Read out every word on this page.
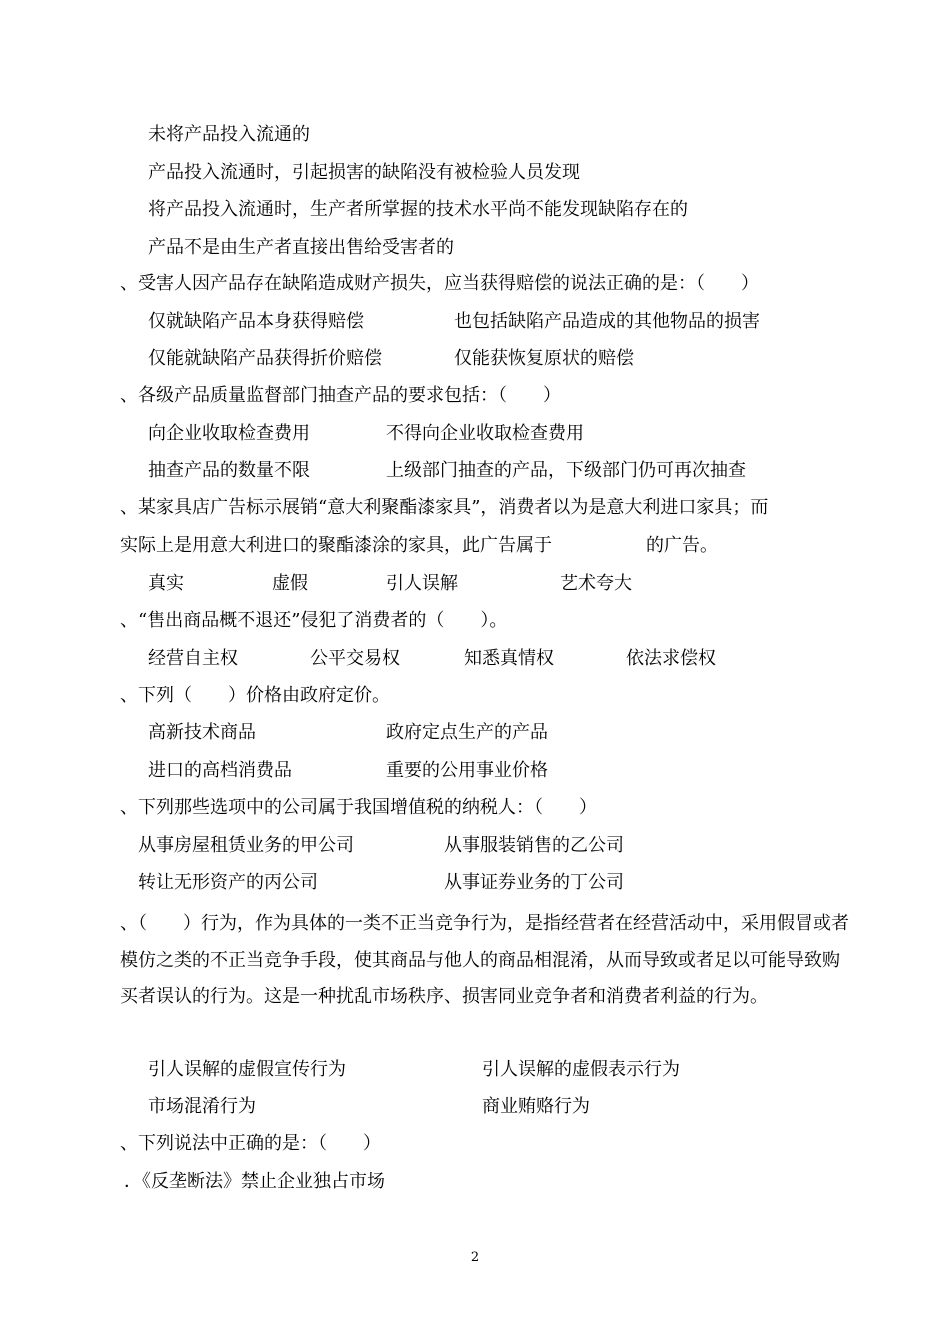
未将产品投入流通的
产品投入流通时，引起损害的缺陷没有被检验人员发现
将产品投入流通时，生产者所掌握的技术水平尚不能发现缺陷存在的
产品不是由生产者直接出售给受害者的
、受害人因产品存在缺陷造成财产损失，应当获得赔偿的说法正确的是：（　　）
仅就缺陷产品本身获得赔偿	也包括缺陷产品造成的其他物品的损害
仅能就缺陷产品获得折价赔偿	仅能获恢复原状的赔偿
、各级产品质量监督部门抽查产品的要求包括：（　　）
向企业收取检查费用	不得向企业收取检查费用
抽查产品的数量不限	上级部门抽查的产品，下级部门仍可再次抽查
、某家具店广告标示展销“意大利聚酯漆家具”，消费者以为是意大利进口家具；而
实际上是用意大利进口的聚酯漆涂的家具，此广告属于	的广告。
真实	虚假	引人误解	艺术夸大
、“售出商品概不退还”侵犯了消费者的（　　）。
经营自主权	公平交易权	知悉真情权	依法求偿权
、下列（　　）价格由政府定价。
高新技术商品	政府定点生产的产品
进口的高档消费品	重要的公用事业价格
、下列那些选项中的公司属于我国增值税的纳税人：（　　）
从事房屋租赁业务的甲公司	从事服装销售的乙公司
转让无形资产的丙公司	从事证券业务的丁公司
、（　　）行为，作为具体的一类不正当竞争行为，是指经营者在经营活动中，采用假冒或者模仿之类的不正当竞争手段，使其商品与他人的商品相混淆，从而导致或者足以可能导致购买者误认的行为。这是一种扰乱市场秩序、损害同业竞争者和消费者利益的行为。
引人误解的虚假宣传行为	引人误解的虚假表示行为
市场混淆行为	商业贿赂行为
、下列说法中正确的是：（　　）
．《反垄断法》禁止企业独占市场
2
